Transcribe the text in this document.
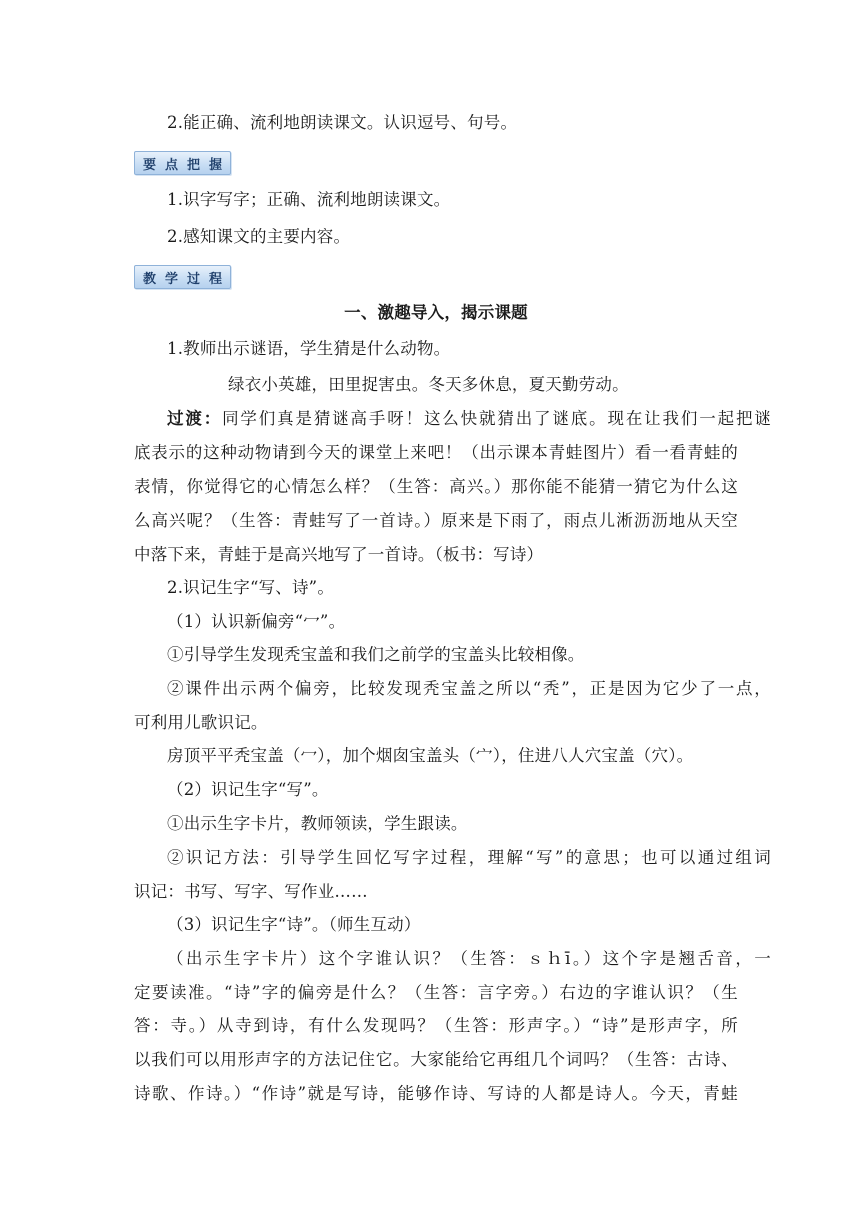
2.能正确、流利地朗读课文。认识逗号、句号。
要 点 把 握
1.识字写字；正确、流利地朗读课文。
2.感知课文的主要内容。
教 学 过 程
一、激趣导入，揭示课题
1.教师出示谜语，学生猜是什么动物。
绿衣小英雄，田里捉害虫。冬天多休息，夏天勤劳动。
过渡：同学们真是猜谜高手呀！这么快就猜出了谜底。现在让我们一起把谜
底表示的这种动物请到今天的课堂上来吧！（出示课本青蛙图片）看一看青蛙的
表情，你觉得它的心情怎么样？（生答：高兴。）那你能不能猜一猜它为什么这
么高兴呢？（生答：青蛙写了一首诗。）原来是下雨了，雨点儿淅沥沥地从天空
中落下来，青蛙于是高兴地写了一首诗。（板书：写诗）
2.识记生字“写、诗”。
（1）认识新偏旁“冖”。
①引导学生发现秃宝盖和我们之前学的宝盖头比较相像。
②课件出示两个偏旁，比较发现秃宝盖之所以“秃”，正是因为它少了一点，
可利用儿歌识记。
房顶平平秃宝盖（冖），加个烟囱宝盖头（宀），住进八人穴宝盖（穴）。
（2）识记生字“写”。
①出示生字卡片，教师领读，学生跟读。
②识记方法：引导学生回忆写字过程，理解“写”的意思；也可以通过组词
识记：书写、写字、写作业……
（3）识记生字“诗”。（师生互动）
（出示生字卡片）这个字谁认识？（生答：ｓｈī。）这个字是翘舌音，一
定要读准。“诗”字的偏旁是什么？（生答：言字旁。）右边的字谁认识？（生
答：寺。）从寺到诗，有什么发现吗？（生答：形声字。）“诗”是形声字，所
以我们可以用形声字的方法记住它。大家能给它再组几个词吗？（生答：古诗、
诗歌、作诗。）“作诗”就是写诗，能够作诗、写诗的人都是诗人。今天，青蛙
